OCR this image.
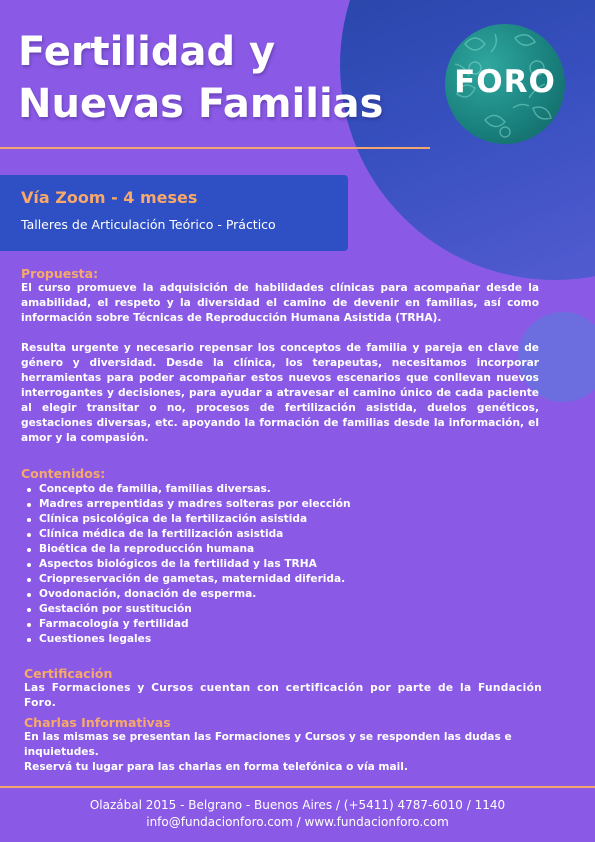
FORO
Fertilidad y
Nuevas Familias
Vía Zoom - 4 meses
Talleres de Articulación Teórico - Práctico
Propuesta:

El curso promueve la adquisición de habilidades clínicas para acompañar desde la amabilidad, el respeto y la diversidad el camino de devenir en familias, así como información sobre Técnicas de Reproducción Humana Asistida (TRHA).

Resulta urgente y necesario repensar los conceptos de familia y pareja en clave de género y diversidad. Desde la clínica, los terapeutas, necesitamos incorporar herramientas para poder acompañar estos nuevos escenarios que conllevan nuevos interrogantes y decisiones, para ayudar a atravesar el camino único de cada paciente al elegir transitar o no, procesos de fertilización asistida, duelos genéticos, gestaciones diversas, etc. apoyando la formación de familias desde la información, el amor y la compasión.

Contenidos:
Concepto de familia, familias diversas.
Madres arrepentidas y madres solteras por elección
Clínica psicológica de la fertilización asistida
Clínica médica de la fertilización asistida
Bioética de la reproducción humana
Aspectos biológicos de la fertilidad y las TRHA
Criopreservación de gametas, maternidad diferida.
Ovodonación, donación de esperma.
Gestación por sustitución
Farmacología y fertilidad
Cuestiones legales
Certificación
Las Formaciones y Cursos cuentan con certificación por parte de la Fundación Foro.
Charlas Informativas
En las mismas se presentan las Formaciones y Cursos y se responden las dudas e inquietudes.
Reservá tu lugar para las charlas en forma telefónica o vía mail.
Olazábal 2015 - Belgrano - Buenos Aires / (+5411) 4787-6010 / 1140
info@fundacionforo.com / www.fundacionforo.com
